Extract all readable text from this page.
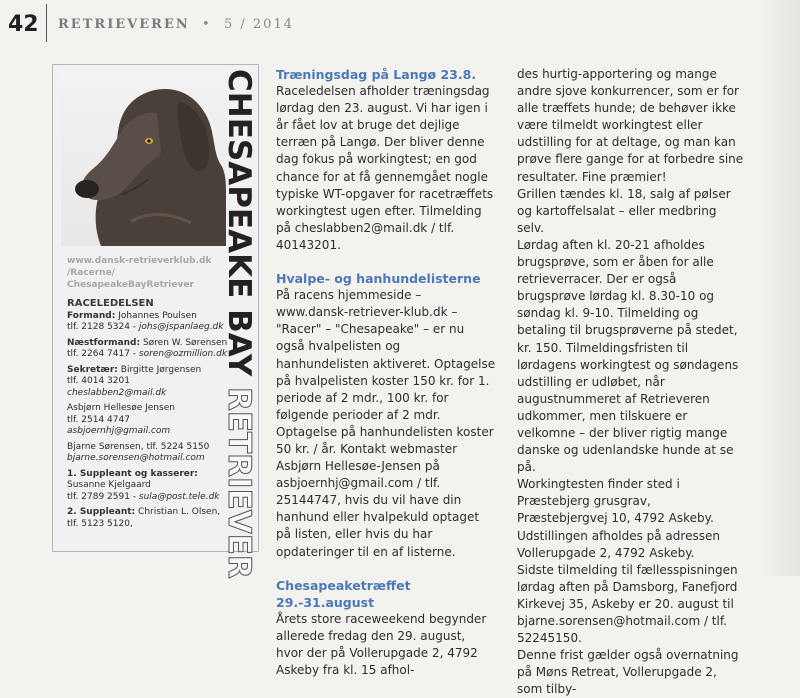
42 RETRIEVEREN  •  5 / 2014
www.dansk-retrieverklub.dk
/Racerne/
ChesapeakeBayRetriever
RACELEDELSEN
Formand: Johannes Poulsen
tlf. 2128 5324 - johs@jspanlaeg.dk
Næstformand: Søren W. Sørensen
tlf. 2264 7417 - soren@ozmillion.dk
Sekretær: Birgitte Jørgensen
tlf. 4014 3201
cheslabben2@mail.dk
Asbjørn Hellesøe Jensen
tlf. 2514 4747
asbjoernhj@gmail.com
Bjarne Sørensen, tlf. 5224 5150
bjarne.sorensen@hotmail.com
1. Suppleant og kasserer:
Susanne Kjelgaard
tlf. 2789 2591 - sula@post.tele.dk
2. Suppleant: Christian L. Olsen,
tlf. 5123 5120,
CHESAPEAKE BAY RETRIEVER
Træningsdag på Langø 23.8.

Raceledelsen afholder træningsdag lørdag den 23. august. Vi har igen i år fået lov at bruge det dejlige terræn på Langø. Der bliver denne dag fokus på workingtest; en god chance for at få gennemgået nogle typiske WT-opgaver for racetræffets workingtest ugen efter. Tilmelding på cheslabben2@mail.dk / tlf. 40143201.

Hvalpe- og hanhundelisterne

På racens hjemmeside – www.dansk-retriever-klub.dk – "Racer" – "Chesapeake" – er nu også hvalpelisten og hanhundelisten aktiveret. Optagelse på hvalpelisten koster 150 kr. for 1. periode af 2 mdr., 100 kr. for følgende perioder af 2 mdr. Optagelse på hanhundelisten koster 50 kr. / år. Kontakt webmaster Asbjørn Hellesøe-Jensen på asbjoernhj@gmail.com / tlf. 25144747, hvis du vil have din hanhund eller hvalpekuld optaget på listen, eller hvis du har opdateringer til en af listerne.

Chesapeaketræffet 29.-31.august

Årets store raceweekend begynder allerede fredag den 29. august, hvor der på Vollerupgade 2, 4792 Askeby fra kl. 15 afhol-

des hurtig-apportering og mange andre sjove konkurrencer, som er for alle træffets hunde; de behøver ikke være tilmeldt workingtest eller udstilling for at deltage, og man kan prøve flere gange for at forbedre sine resultater. Fine præmier!

Grillen tændes kl. 18, salg af pølser og kartoffelsalat – eller medbring selv.

Lørdag aften kl. 20-21 afholdes brugsprøve, som er åben for alle retrieverracer. Der er også brugsprøve lørdag kl. 8.30-10 og søndag kl. 9-10. Tilmelding og betaling til brugsprøverne på stedet, kr. 150. Tilmeldingsfristen til lørdagens workingtest og søndagens udstilling er udløbet, når augustnummeret af Retrieveren udkommer, men tilskuere er velkomne – der bliver rigtig mange danske og udenlandske hunde at se på.

Workingtesten finder sted i Præstebjerg grusgrav, Præstebjergvej 10, 4792 Askeby. Udstillingen afholdes på adressen Vollerupgade 2, 4792 Askeby.

Sidste tilmelding til fællesspisningen lørdag aften på Damsborg, Fanefjord Kirkevej 35, Askeby er 20. august til bjarne.sorensen@hotmail.com / tlf. 52245150.

Denne frist gælder også overnatning på Møns Retreat, Vollerupgade 2, som tilby-
